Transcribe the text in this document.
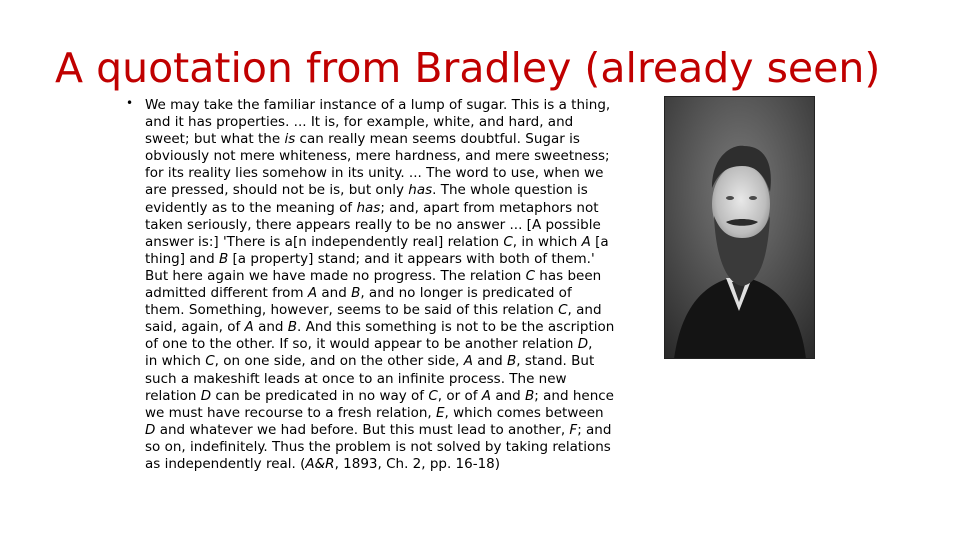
A quotation from Bradley (already seen)
• We may take the familiar instance of a lump of sugar. This is a thing,
and it has properties. ... It is, for example, white, and hard, and
sweet; but what the is can really mean seems doubtful. Sugar is
obviously not mere whiteness, mere hardness, and mere sweetness;
for its reality lies somehow in its unity. ... The word to use, when we
are pressed, should not be is, but only has. The whole question is
evidently as to the meaning of has; and, apart from metaphors not
taken seriously, there appears really to be no answer ... [A possible
answer is:] 'There is a[n independently real] relation C, in which A [a
thing] and B [a property] stand; and it appears with both of them.'
But here again we have made no progress. The relation C has been
admitted different from A and B, and no longer is predicated of
them. Something, however, seems to be said of this relation C, and
said, again, of A and B. And this something is not to be the ascription
of one to the other. If so, it would appear to be another relation D,
in which C, on one side, and on the other side, A and B, stand. But
such a makeshift leads at once to an infinite process. The new
relation D can be predicated in no way of C, or of A and B; and hence
we must have recourse to a fresh relation, E, which comes between
D and whatever we had before. But this must lead to another, F; and
so on, indefinitely. Thus the problem is not solved by taking relations
as independently real. (A&R, 1893, Ch. 2, pp. 16-18)
